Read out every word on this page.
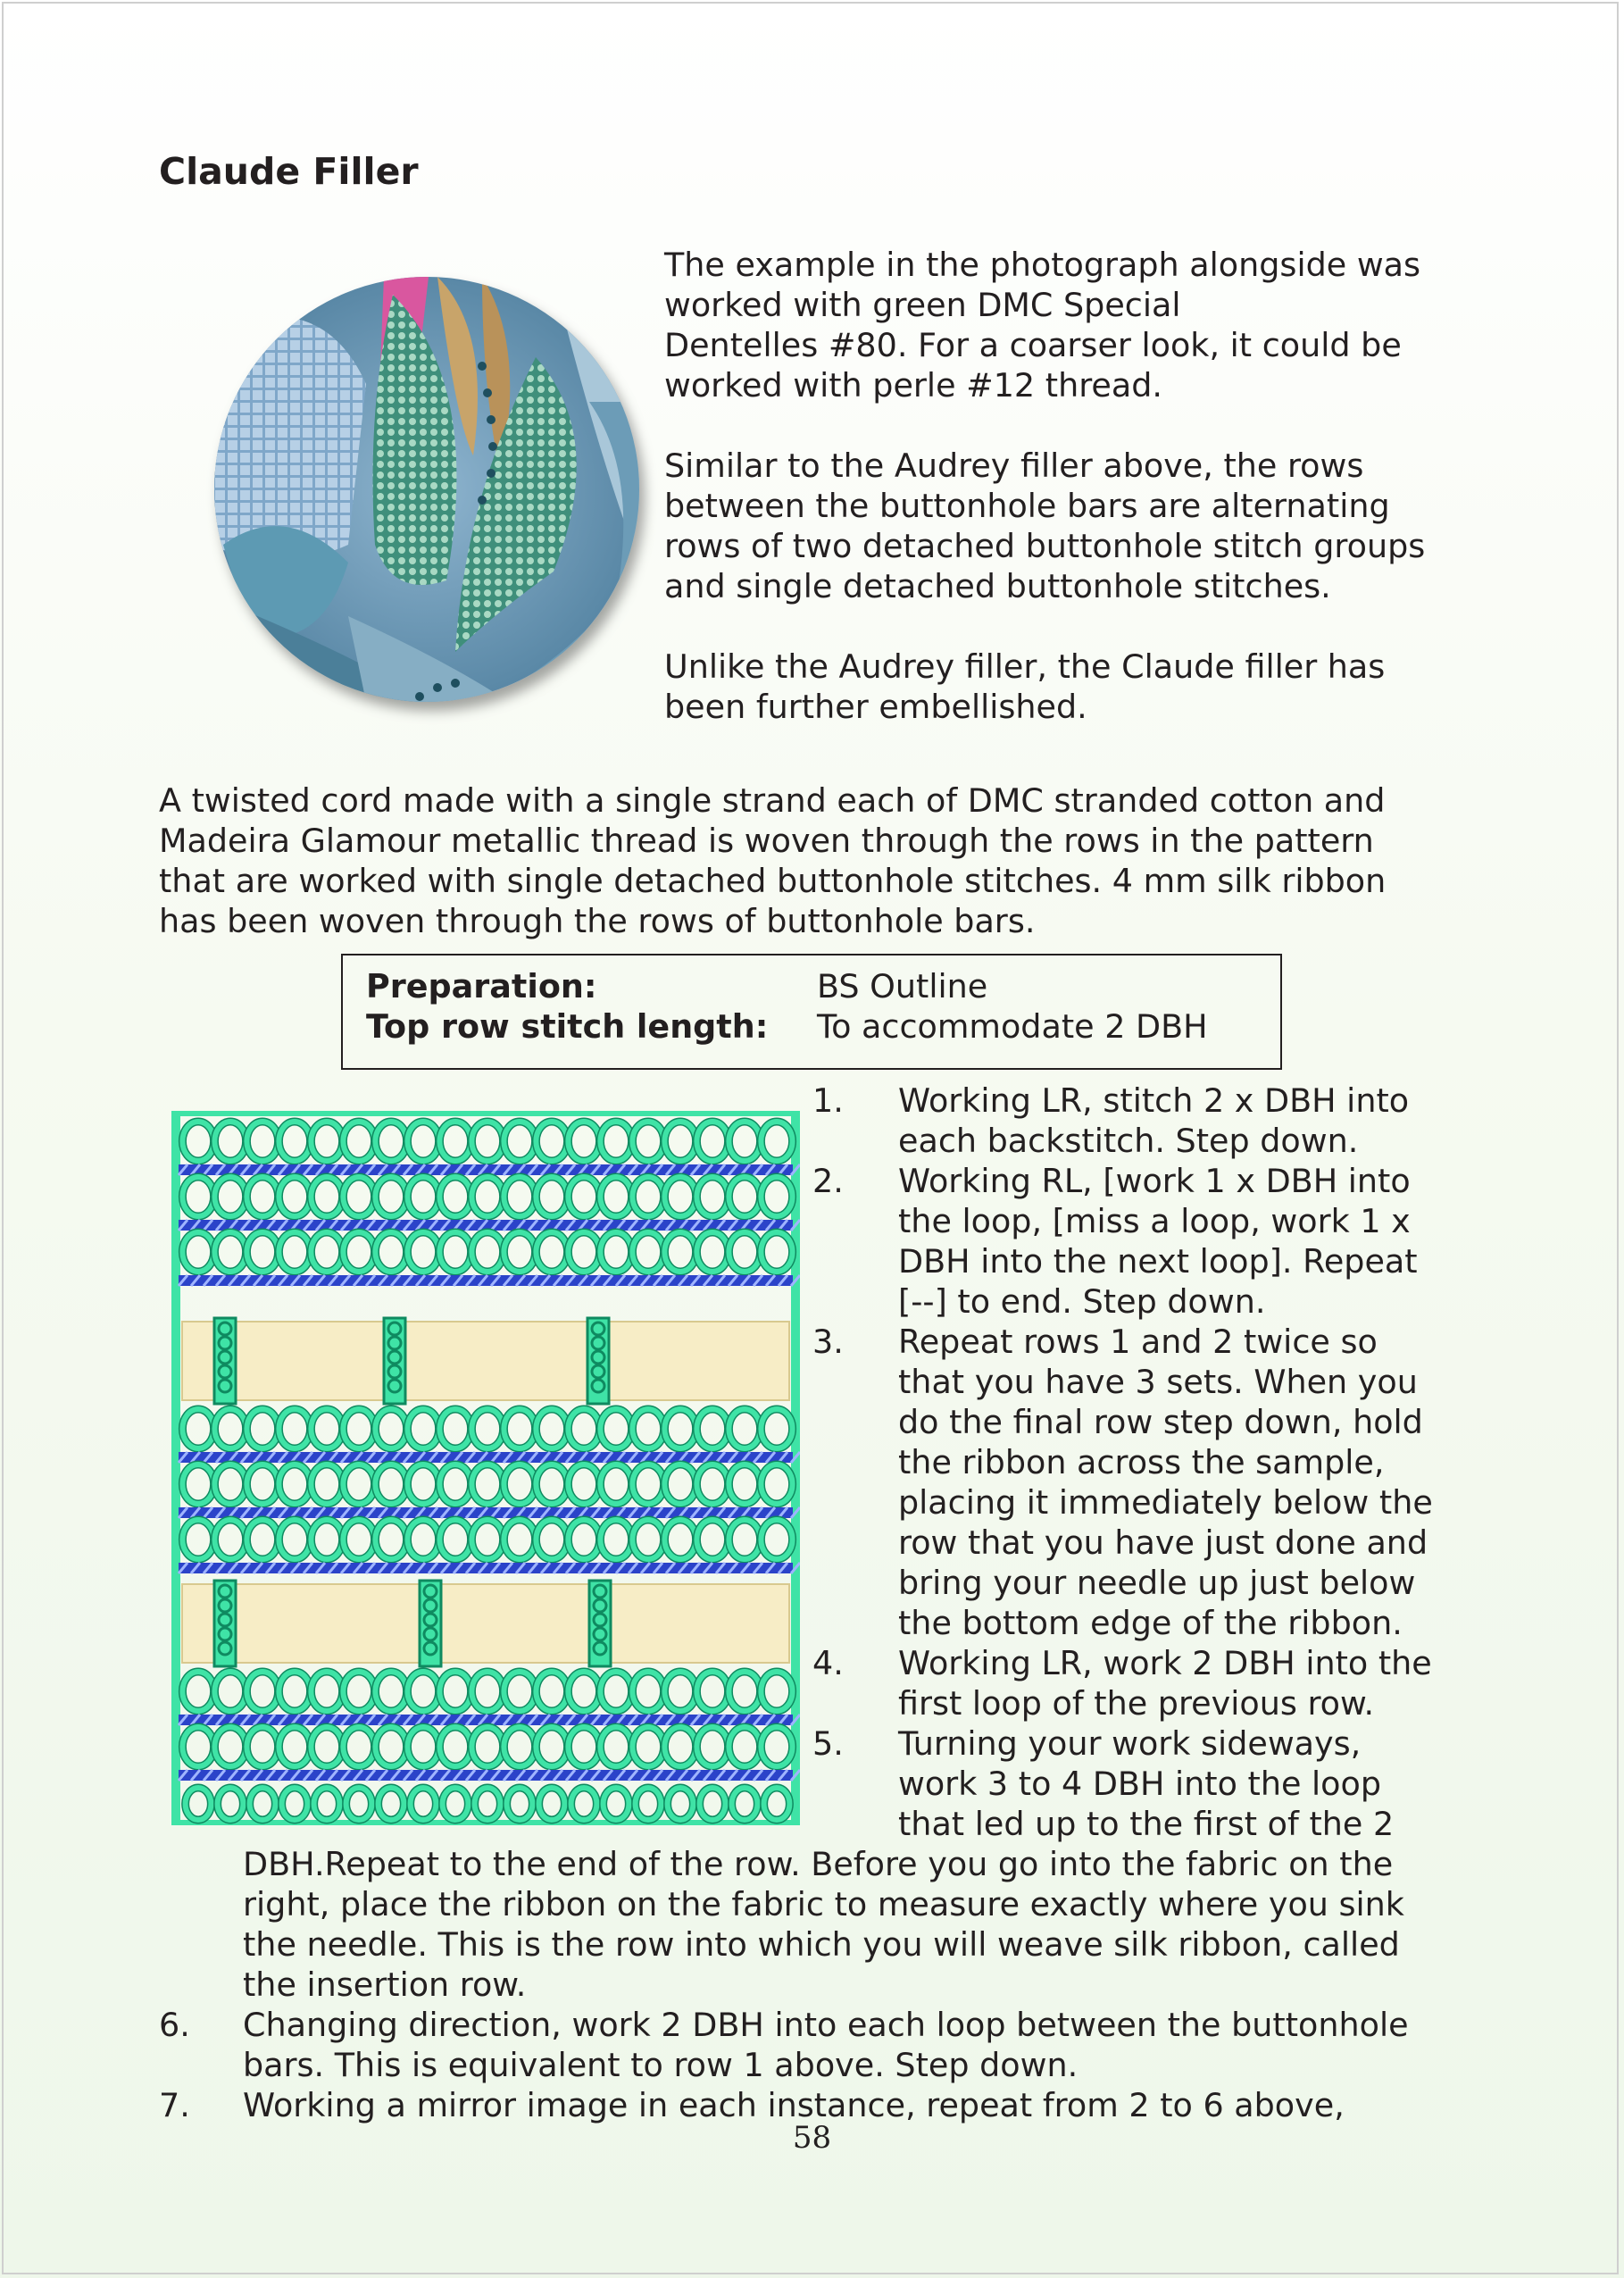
Claude Filler
The example in the photograph alongside was
worked with green DMC Special
Dentelles #80. For a coarser look, it could be
worked with perle #12 thread.
Similar to the Audrey filler above, the rows
between the buttonhole bars are alternating
rows of two detached buttonhole stitch groups
and single detached buttonhole stitches.
Unlike the Audrey filler, the Claude filler has
been further embellished.
A twisted cord made with a single strand each of DMC stranded cotton and
Madeira Glamour metallic thread is woven through the rows in the pattern
that are worked with single detached buttonhole stitches. 4 mm silk ribbon
has been woven through the rows of buttonhole bars.
Preparation:	BS Outline
Top row stitch length: To accommodate 2 DBH
1. Working LR, stitch 2 x DBH into
each backstitch. Step down.
2. Working RL, [work 1 x DBH into
the loop, [miss a loop, work 1 x
DBH into the next loop]. Repeat
[--] to end. Step down.
3. Repeat rows 1 and 2 twice so
that you have 3 sets. When you
do the final row step down, hold
the ribbon across the sample,
placing it immediately below the
row that you have just done and
bring your needle up just below
the bottom edge of the ribbon.
4. Working LR, work 2 DBH into the
first loop of the previous row.
5. Turning your work sideways,
work 3 to 4 DBH into the loop
that led up to the first of the 2
DBH.Repeat to the end of the row. Before you go into the fabric on the
right, place the ribbon on the fabric to measure exactly where you sink
the needle. This is the row into which you will weave silk ribbon, called
the insertion row.
6. Changing direction, work 2 DBH into each loop between the buttonhole
bars. This is equivalent to row 1 above. Step down.
7. Working a mirror image in each instance, repeat from 2 to 6 above,
58
